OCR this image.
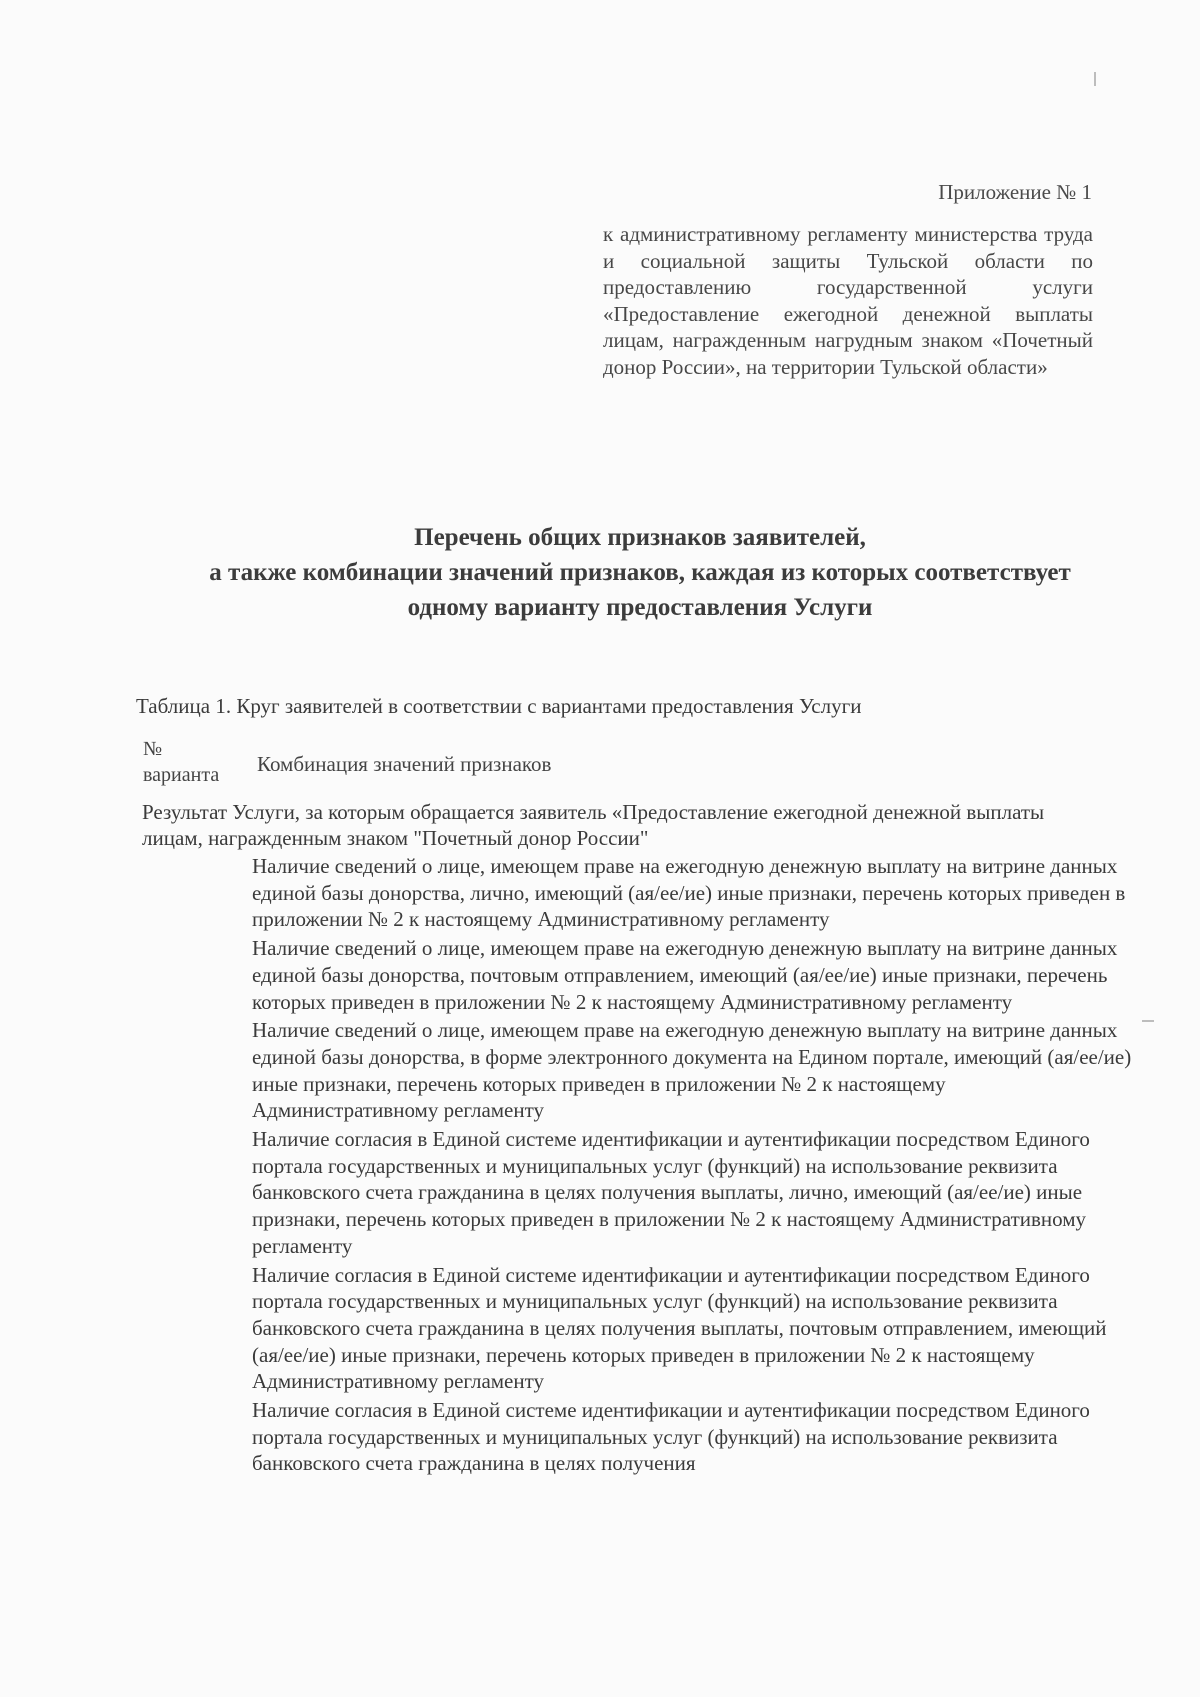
Приложение № 1
к административному регламенту министерства труда и социальной защиты Тульской области по предоставлению государственной услуги «Предоставление ежегодной денежной выплаты лицам, награжденным нагрудным знаком «Почетный донор России», на территории Тульской области»
Перечень общих признаков заявителей,
а также комбинации значений признаков, каждая из которых соответствует
одному варианту предоставления Услуги
Таблица 1. Круг заявителей в соответствии с вариантами предоставления Услуги
№ варианта	Комбинация значений признаков
Результат Услуги, за которым обращается заявитель «Предоставление ежегодной денежной выплаты лицам, награжденным знаком "Почетный донор России"
Наличие сведений о лице, имеющем праве на ежегодную денежную выплату на витрине данных единой базы донорства, лично, имеющий (ая/ее/ие) иные признаки, перечень которых приведен в приложении № 2 к настоящему Административному регламенту
Наличие сведений о лице, имеющем праве на ежегодную денежную выплату на витрине данных единой базы донорства, почтовым отправлением, имеющий (ая/ее/ие) иные признаки, перечень которых приведен в приложении № 2 к настоящему Административному регламенту
Наличие сведений о лице, имеющем праве на ежегодную денежную выплату на витрине данных единой базы донорства, в форме электронного документа на Едином портале, имеющий (ая/ее/ие) иные признаки, перечень которых приведен в приложении № 2 к настоящему Административному регламенту
Наличие согласия в Единой системе идентификации и аутентификации посредством Единого портала государственных и муниципальных услуг (функций) на использование реквизита банковского счета гражданина в целях получения выплаты, лично, имеющий (ая/ее/ие) иные признаки, перечень которых приведен в приложении № 2 к настоящему Административному регламенту
Наличие согласия в Единой системе идентификации и аутентификации посредством Единого портала государственных и муниципальных услуг (функций) на использование реквизита банковского счета гражданина в целях получения выплаты, почтовым отправлением, имеющий (ая/ее/ие) иные признаки, перечень которых приведен в приложении № 2 к настоящему Административному регламенту
Наличие согласия в Единой системе идентификации и аутентификации посредством Единого портала государственных и муниципальных услуг (функций) на использование реквизита банковского счета гражданина в целях получения
